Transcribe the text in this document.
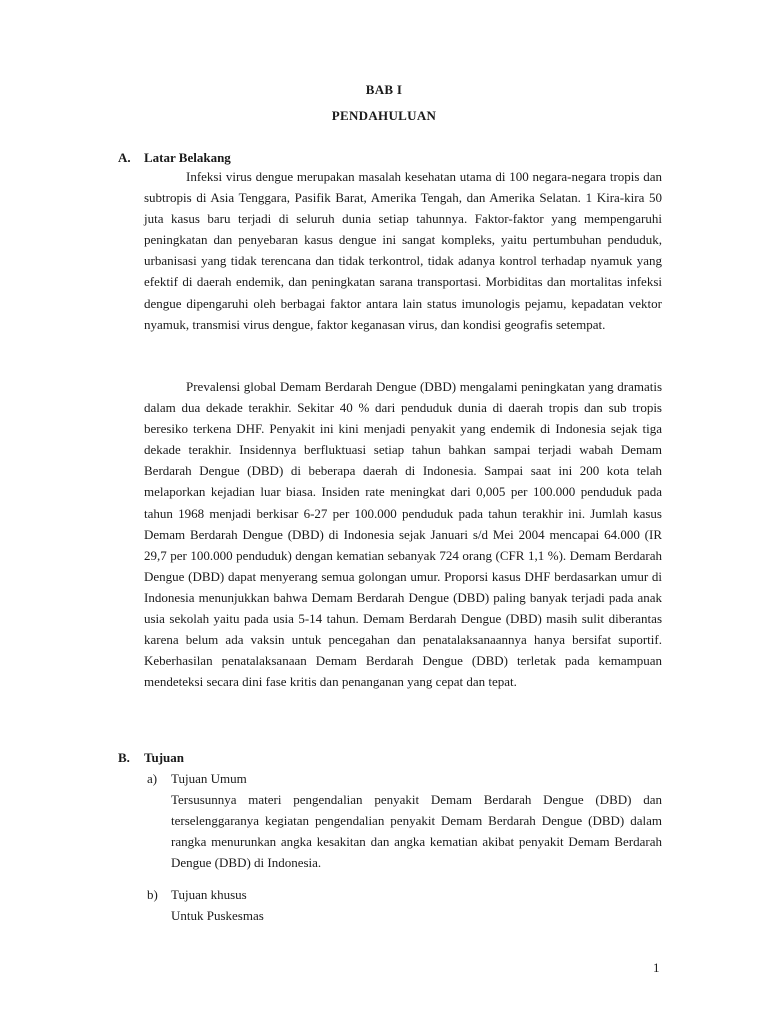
BAB I
PENDAHULUAN
A. Latar Belakang
Infeksi virus dengue merupakan masalah kesehatan utama di 100 negara-negara tropis dan subtropis di Asia Tenggara, Pasifik Barat, Amerika Tengah, dan Amerika Selatan. 1 Kira-kira 50 juta kasus baru terjadi di seluruh dunia setiap tahunnya. Faktor-faktor yang mempengaruhi peningkatan dan penyebaran kasus dengue ini sangat kompleks, yaitu pertumbuhan penduduk, urbanisasi yang tidak terencana dan tidak terkontrol, tidak adanya kontrol terhadap nyamuk yang efektif di daerah endemik, dan peningkatan sarana transportasi. Morbiditas dan mortalitas infeksi dengue dipengaruhi oleh berbagai faktor antara lain status imunologis pejamu, kepadatan vektor nyamuk, transmisi virus dengue, faktor keganasan virus, dan kondisi geografis setempat.
Prevalensi global Demam Berdarah Dengue (DBD) mengalami peningkatan yang dramatis dalam dua dekade terakhir. Sekitar 40 % dari penduduk dunia di daerah tropis dan sub tropis beresiko terkena DHF. Penyakit ini kini menjadi penyakit yang endemik di Indonesia sejak tiga dekade terakhir. Insidennya berfluktuasi setiap tahun bahkan sampai terjadi wabah Demam Berdarah Dengue (DBD) di beberapa daerah di Indonesia. Sampai saat ini 200 kota telah melaporkan kejadian luar biasa. Insiden rate meningkat dari 0,005 per 100.000 penduduk pada tahun 1968 menjadi berkisar 6-27 per 100.000 penduduk pada tahun terakhir ini. Jumlah kasus Demam Berdarah Dengue (DBD) di Indonesia sejak Januari s/d Mei 2004 mencapai 64.000 (IR 29,7 per 100.000 penduduk) dengan kematian sebanyak 724 orang (CFR 1,1 %). Demam Berdarah Dengue (DBD) dapat menyerang semua golongan umur. Proporsi kasus DHF berdasarkan umur di Indonesia menunjukkan bahwa Demam Berdarah Dengue (DBD) paling banyak terjadi pada anak usia sekolah yaitu pada usia 5-14 tahun. Demam Berdarah Dengue (DBD) masih sulit diberantas karena belum ada vaksin untuk pencegahan dan penatalaksanaannya hanya bersifat suportif. Keberhasilan penatalaksanaan Demam Berdarah Dengue (DBD) terletak pada kemampuan mendeteksi secara dini fase kritis dan penanganan yang cepat dan tepat.
B. Tujuan
a) Tujuan Umum
Tersusunnya materi pengendalian penyakit Demam Berdarah Dengue (DBD) dan terselenggaranya kegiatan pengendalian penyakit Demam Berdarah Dengue (DBD) dalam rangka menurunkan angka kesakitan dan angka kematian akibat penyakit Demam Berdarah Dengue (DBD) di Indonesia.
b) Tujuan khusus
Untuk Puskesmas
1
